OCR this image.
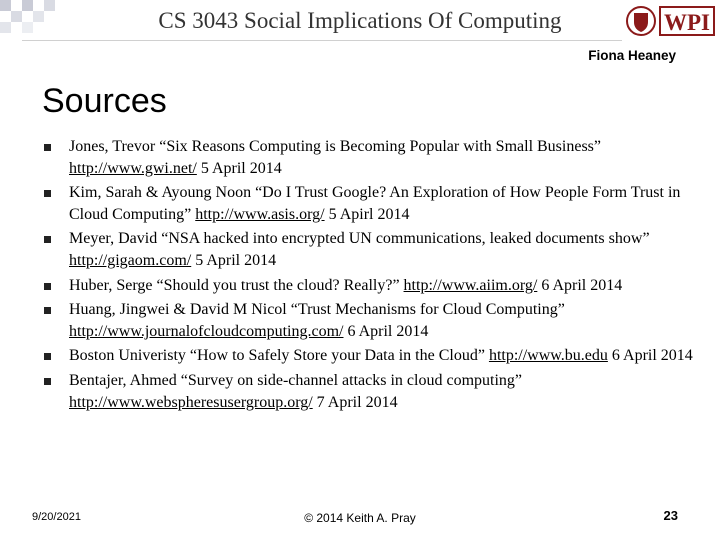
CS 3043 Social Implications Of Computing	WPI
Fiona Heaney
Sources
Jones, Trevor “Six Reasons Computing is Becoming Popular with Small Business” http://www.gwi.net/ 5 April 2014
Kim, Sarah & Ayoung Noon “Do I Trust Google? An Exploration of How People Form Trust in Cloud Computing” http://www.asis.org/ 5 Apirl 2014
Meyer, David “NSA hacked into encrypted UN communications, leaked documents show” http://gigaom.com/ 5 April 2014
Huber, Serge “Should you trust the cloud? Really?” http://www.aiim.org/ 6 April 2014
Huang, Jingwei & David M Nicol “Trust Mechanisms for Cloud Computing” http://www.journalofcloudcomputing.com/ 6 April 2014
Boston Univeristy “How to Safely Store your Data in the Cloud” http://www.bu.edu 6 April 2014
Bentajer, Ahmed “Survey on side-channel attacks in cloud computing” http://www.webspheresusergroup.org/ 7 April 2014
9/20/2021	© 2014 Keith A. Pray	23
